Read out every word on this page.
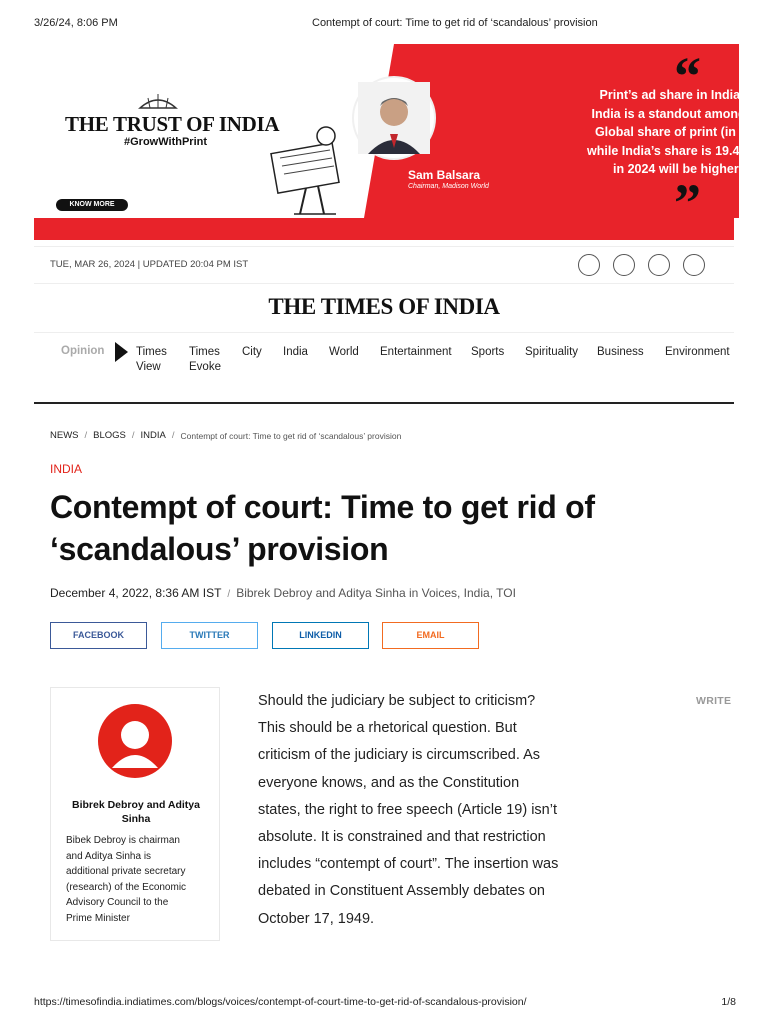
3/26/24, 8:06 PM	Contempt of court: Time to get rid of ‘scandalous’ provision
THE TRUST OF INDIA
#GrowWithPrint
KNOW MORE
Sam Balsara
Chairman, Madison World
“
”
Print’s ad share in India is
India is a standout among r
Global share of print (in ad
while India’s share is 19.4%.
in 2024 will be higher th
TUE, MAR 26, 2024 | UPDATED 20:04 PM IST
THE TIMES OF INDIA
Opinion	Times
View
Times
Evoke
City India World Entertainment Sports Spirituality Business Environment
NEWS / BLOGS / INDIA / Contempt of court: Time to get rid of ‘scandalous’ provision
INDIA
Contempt of court: Time to get rid of
‘scandalous’ provision
December 4, 2022, 8:36 AM IST / Bibrek Debroy and Aditya Sinha in Voices, India, TOI
FACEBOOK	TWITTER	LINKEDIN	EMAIL
Bibrek Debroy and Aditya Sinha
Bibek Debroy is chairman
and Aditya Sinha is
additional private secretary
(research) of the Economic
Advisory Council to the
Prime Minister
Should the judiciary be subject to criticism?
This should be a rhetorical question. But
criticism of the judiciary is circumscribed. As
everyone knows, and as the Constitution
states, the right to free speech (Article 19) isn’t
absolute. It is constrained and that restriction
includes “contempt of court”. The insertion was
debated in Constituent Assembly debates on
October 17, 1949.
WRITE
https://timesofindia.indiatimes.com/blogs/voices/contempt-of-court-time-to-get-rid-of-scandalous-provision/	1/8
